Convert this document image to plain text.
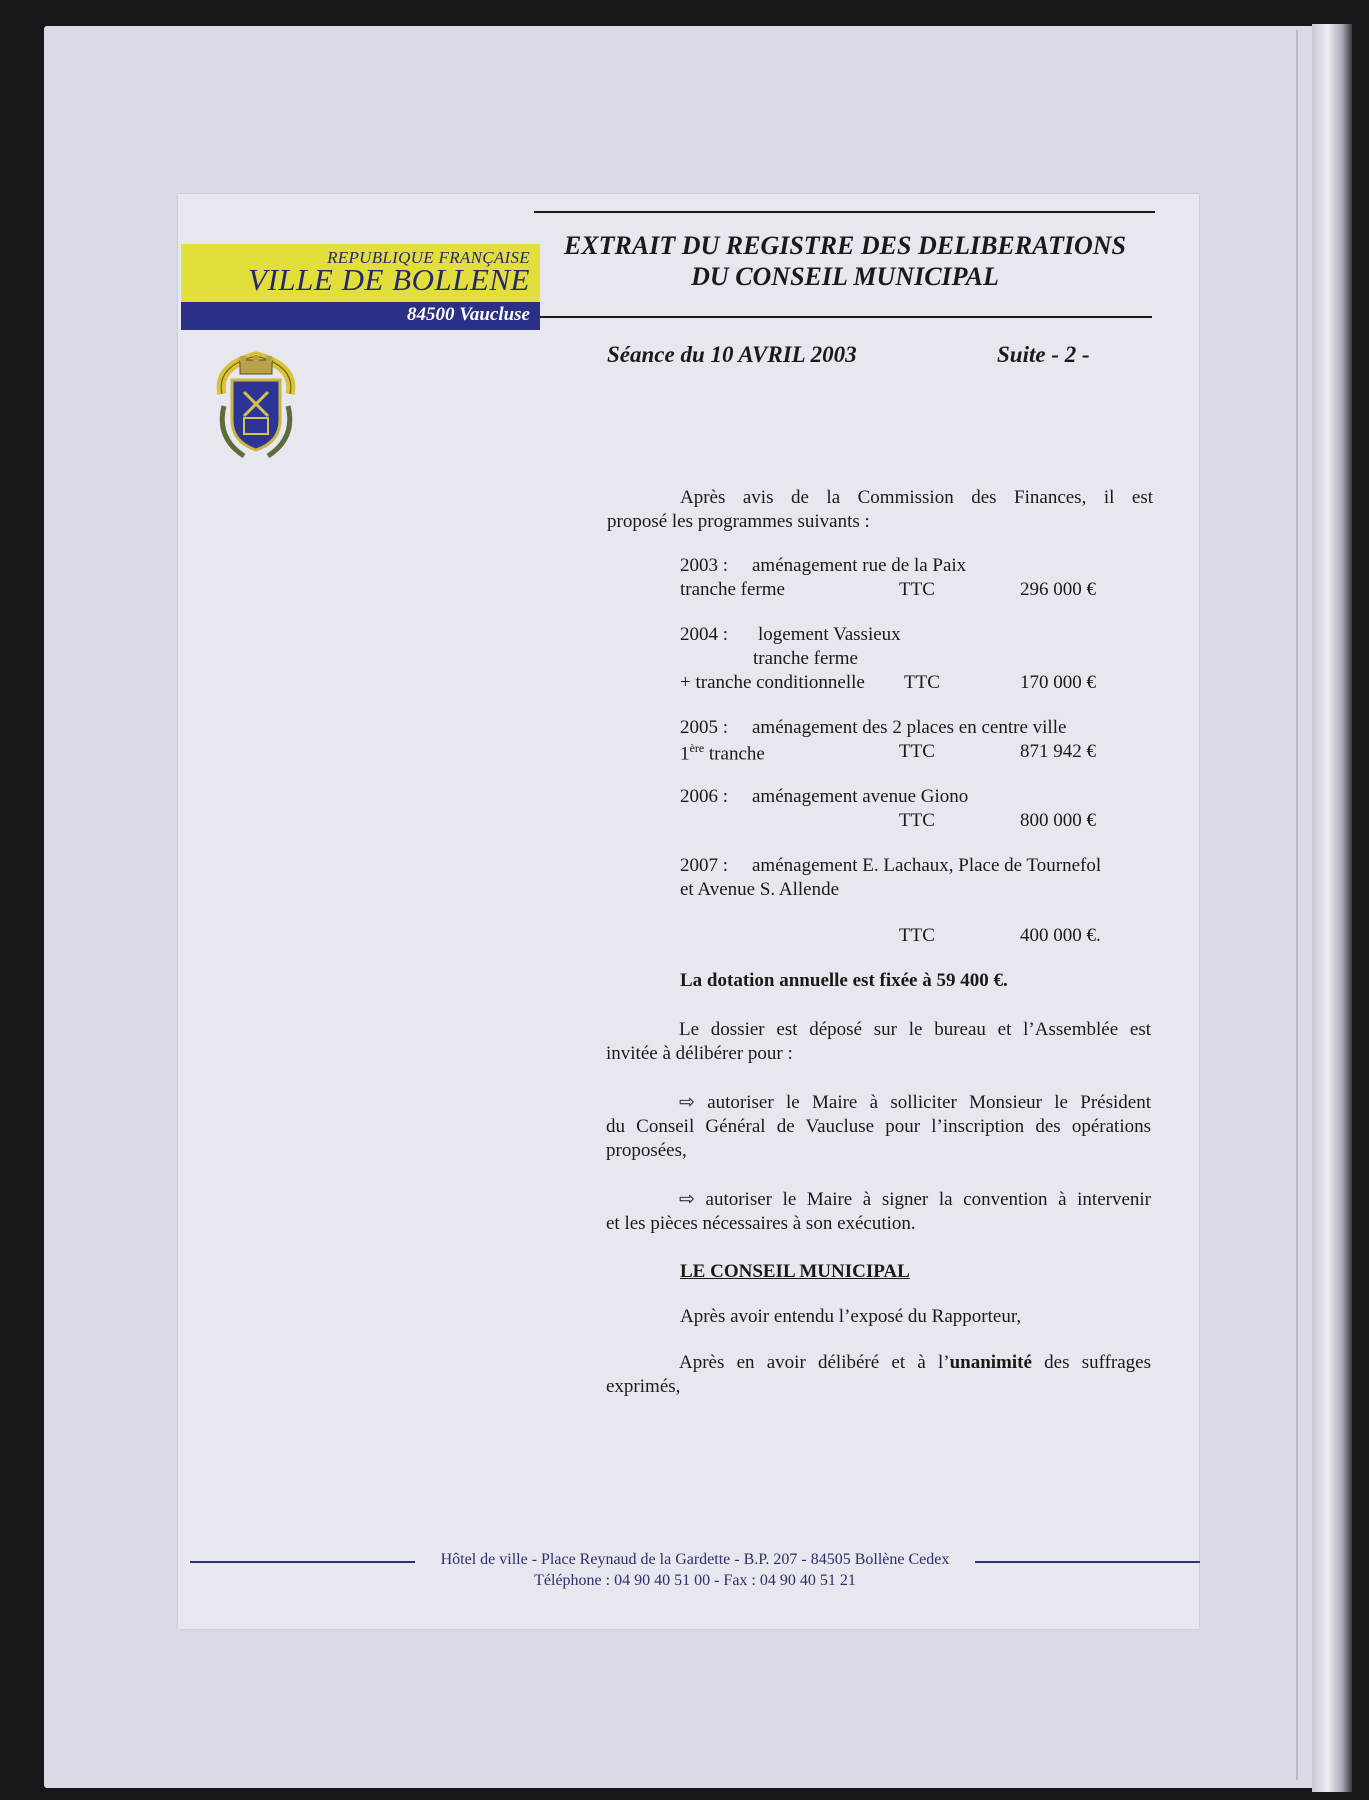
REPUBLIQUE FRANÇAISE
VILLE DE BOLLENE
84500 Vaucluse
EXTRAIT DU REGISTRE DES DELIBERATIONS
DU CONSEIL MUNICIPAL
Séance du 10 AVRIL 2003	Suite - 2 -
Après avis de la Commission des Finances, il est
proposé les programmes suivants :
2003 : aménagement rue de la Paix
tranche ferme	TTC	296 000 €
2004 : logement Vassieux
tranche ferme
+ tranche conditionnelle TTC	170 000 €
2005 : aménagement des 2 places en centre ville
1ère tranche	TTC	871 942 €
2006 : aménagement avenue Giono
TTC	800 000 €
2007 : aménagement E. Lachaux, Place de Tournefol
et Avenue S. Allende
TTC	400 000 €.
La dotation annuelle est fixée à 59 400 €.
Le dossier est déposé sur le bureau et l’Assemblée est
invitée à délibérer pour :
⇨ autoriser le Maire à solliciter Monsieur le Président
du Conseil Général de Vaucluse pour l’inscription des opérations
proposées,
⇨ autoriser le Maire à signer la convention à intervenir
et les pièces nécessaires à son exécution.
LE CONSEIL MUNICIPAL
Après avoir entendu l’exposé du Rapporteur,
Après en avoir délibéré et à l’unanimité des suffrages
exprimés,
Hôtel de ville - Place Reynaud de la Gardette - B.P. 207 - 84505 Bollène Cedex
Téléphone : 04 90 40 51 00 - Fax : 04 90 40 51 21
